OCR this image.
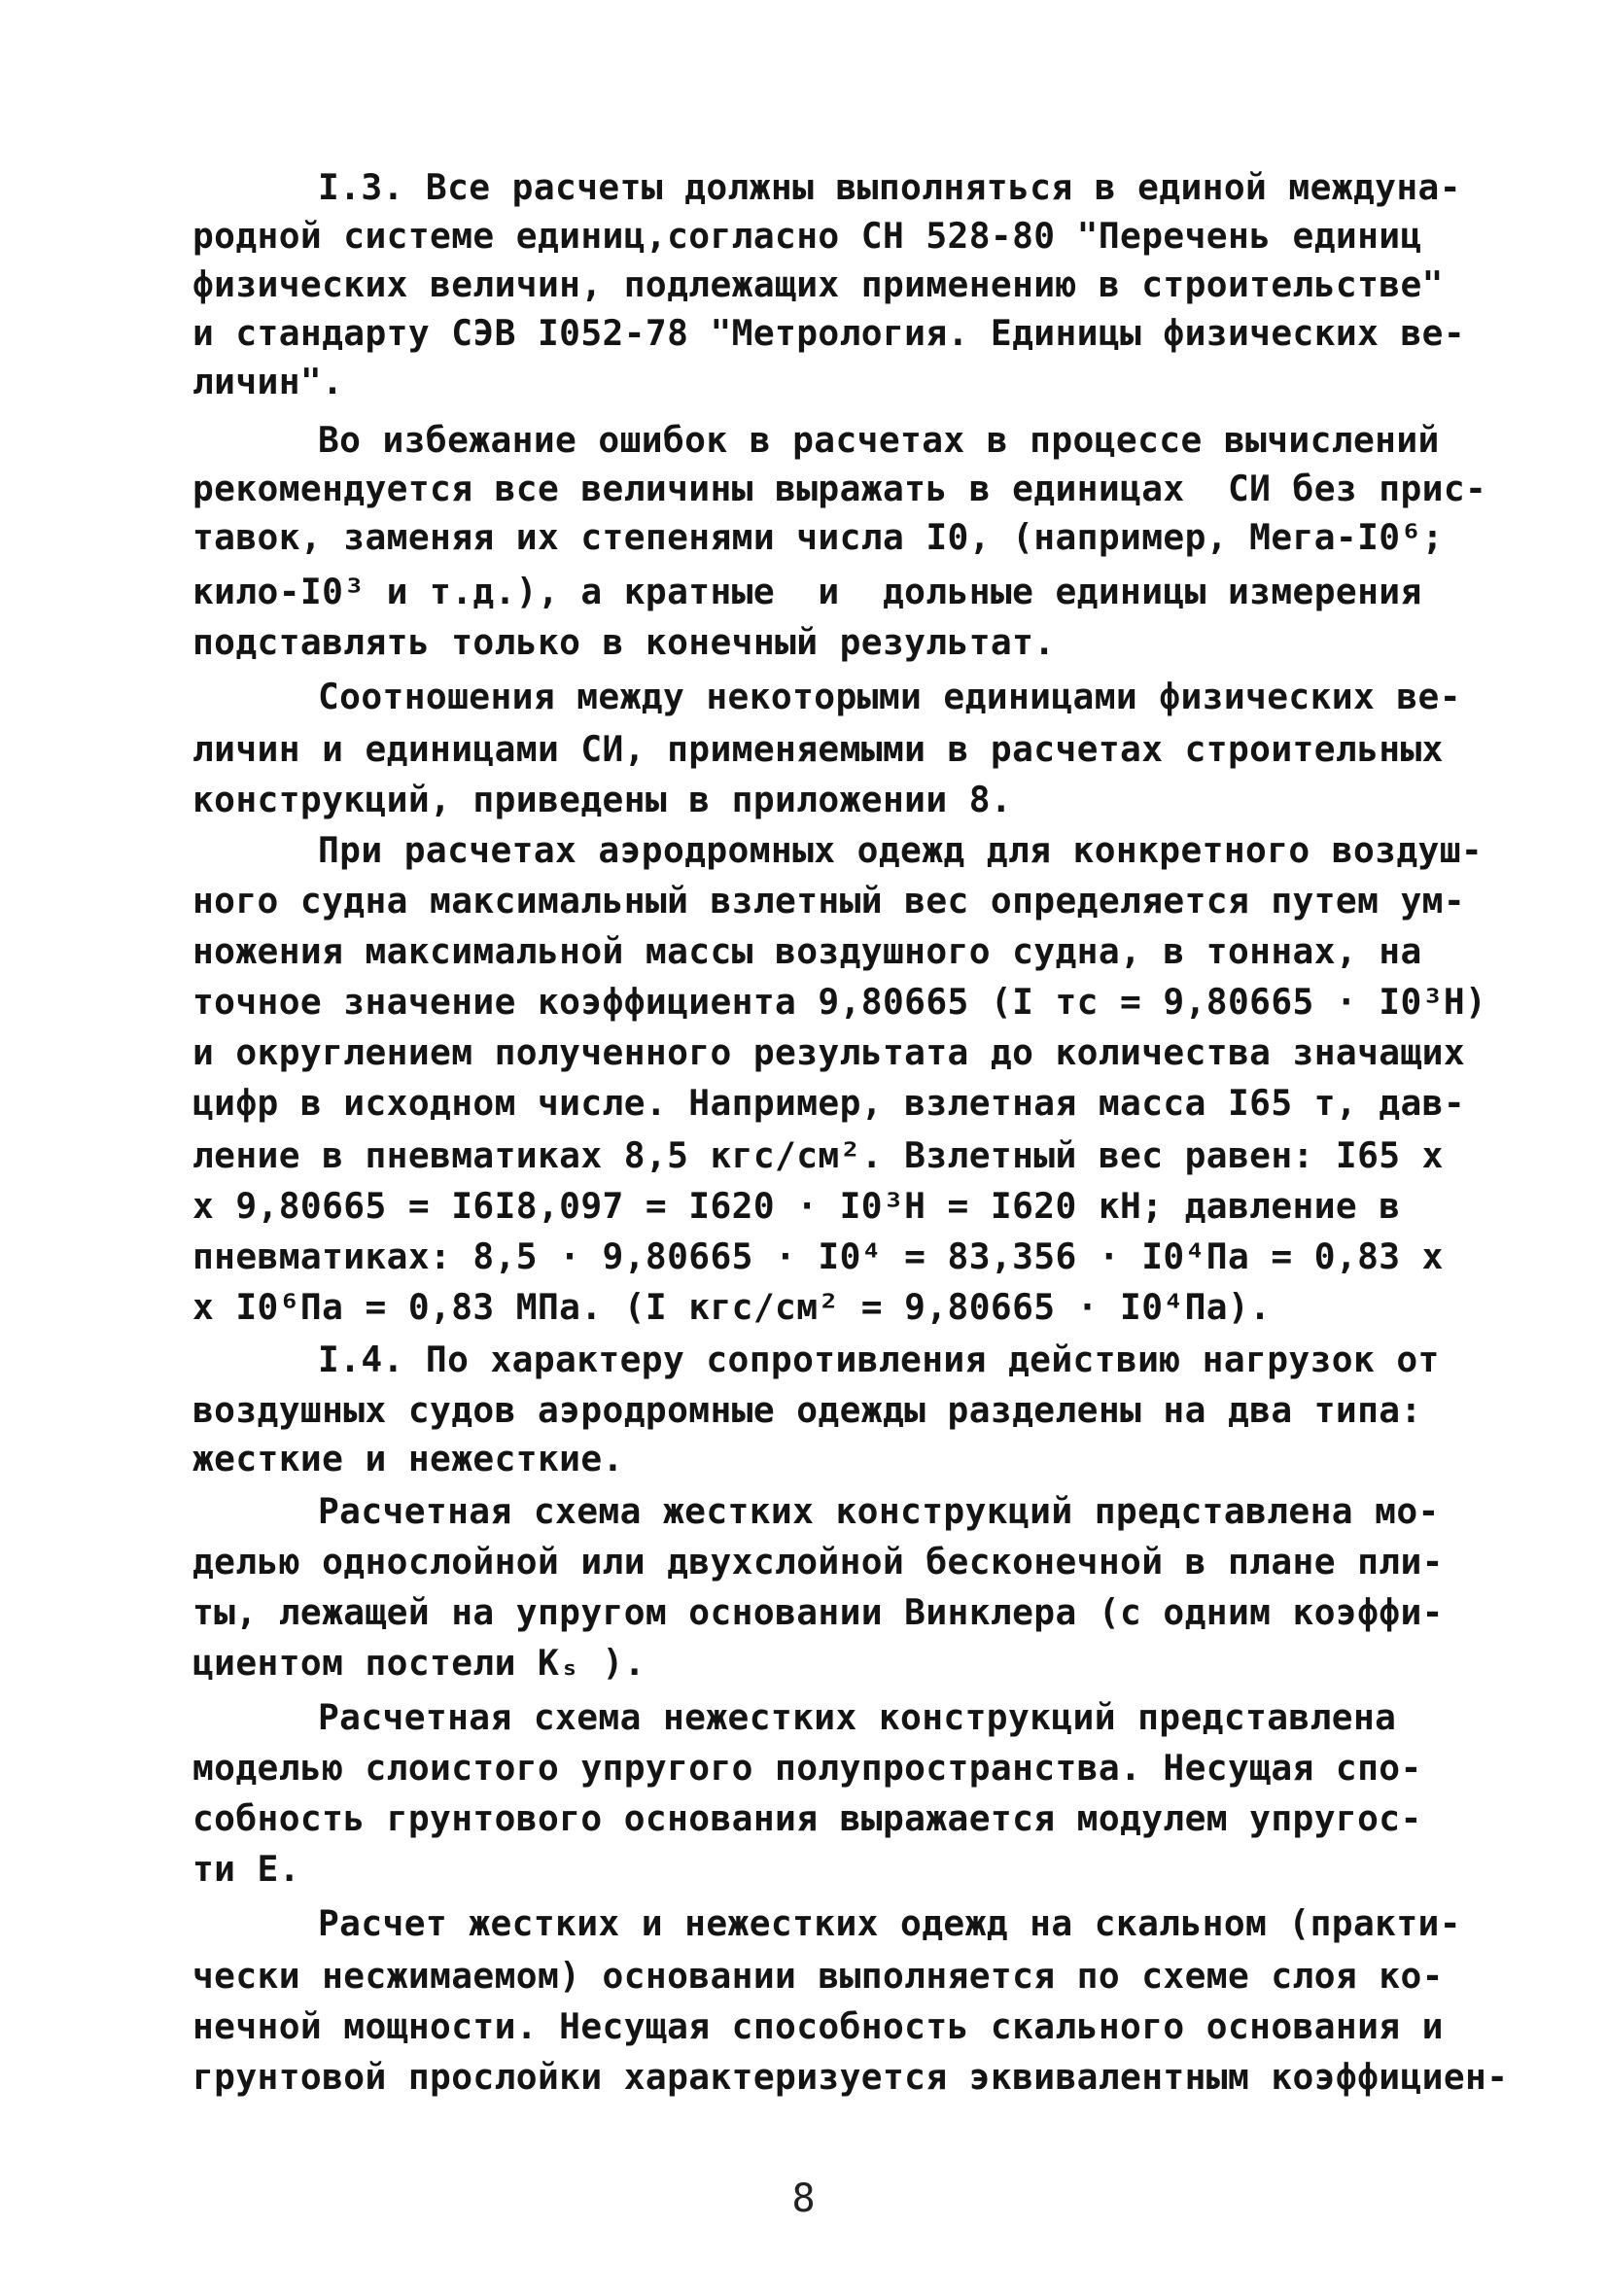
I.3. Все расчеты должны выполняться в единой междуна-
родной системе единиц,согласно СН 528-80 "Перечень единиц
физических величин, подлежащих применению в строительстве"
и стандарту СЭВ I052-78 "Метрология. Единицы физических ве-
личин".
Во избежание ошибок в расчетах в процессе вычислений
рекомендуется все величины выражать в единицах  СИ без прис-
тавок, заменяя их степенями числа I0, (например, Мега-I0⁶;
кило-I0³ и т.д.), а кратные  и  дольные единицы измерения
подставлять только в конечный результат.
Соотношения между некоторыми единицами физических ве-
личин и единицами СИ, применяемыми в расчетах строительных
конструкций, приведены в приложении 8.
При расчетах аэродромных одежд для конкретного воздуш-
ного судна максимальный взлетный вес определяется путем ум-
ножения максимальной массы воздушного судна, в тоннах, на
точное значение коэффициента 9,80665 (I тс = 9,80665 · I0³Н)
и округлением полученного результата до количества значащих
цифр в исходном числе. Например, взлетная масса I65 т, дав-
ление в пневматиках 8,5 кгс/см². Взлетный вес равен: I65 х
х 9,80665 = I6I8,097 = I620 · I0³Н = I620 кН; давление в
пневматиках: 8,5 · 9,80665 · I0⁴ = 83,356 · I0⁴Па = 0,83 х
х I0⁶Па = 0,83 МПа. (I кгс/см² = 9,80665 · I0⁴Па).
I.4. По характеру сопротивления действию нагрузок от
воздушных судов аэродромные одежды разделены на два типа:
жесткие и нежесткие.
Расчетная схема жестких конструкций представлена мо-
делью однослойной или двухслойной бесконечной в плане пли-
ты, лежащей на упругом основании Винклера (с одним коэффи-
циентом постели Kₛ ).
Расчетная схема нежестких конструкций представлена
моделью слоистого упругого полупространства. Несущая спо-
собность грунтового основания выражается модулем упругос-
ти Е.
Расчет жестких и нежестких одежд на скальном (практи-
чески несжимаемом) основании выполняется по схеме слоя ко-
нечной мощности. Несущая способность скального основания и
грунтовой прослойки характеризуется эквивалентным коэффициен-
8
